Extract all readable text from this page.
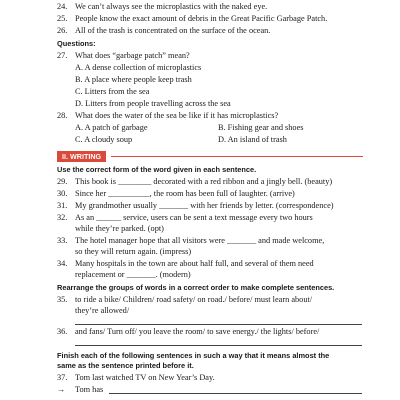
24. We can’t always see the microplastics with the naked eye.
25. People know the exact amount of debris in the Great Pacific Garbage Patch.
26. All of the trash is concentrated on the surface of the ocean.
Questions:
27. What does “garbage patch” mean?
A. A dense collection of microplastics
B. A place where people keep trash
C. Litters from the sea
D. Litters from people travelling across the sea
28. What does the water of the sea be like if it has microplastics?
A. A patch of garbage	B. Fishing gear and shoes
C. A cloudy soup	D. An island of trash
II. WRITING
Use the correct form of the word given in each sentence.
29. This book is ________ decorated with a red ribbon and a jingly bell. (beauty)
30. Since her __________, the room has been full of laughter. (arrive)
31. My grandmother usually _______ with her friends by letter. (correspondence)
32. As an ______ service, users can be sent a text message every two hours
while they’re parked. (opt)
33. The hotel manager hope that all visitors were _______ and made welcome,
so they will return again. (impress)
34. Many hospitals in the town are about half full, and several of them need
replacement or _______. (modern)
Rearrange the groups of words in a correct order to make complete sentences.
35. to ride a bike/ Children/ road safety/ on road./ before/ must learn about/
they’re allowed/
36. and fans/ Turn off/ you leave the room/ to save energy./ the lights/ before/
Finish each of the following sentences in such a way that it means almost the
same as the sentence printed before it.
37. Tom last watched TV on New Year’s Day.
→ Tom has
